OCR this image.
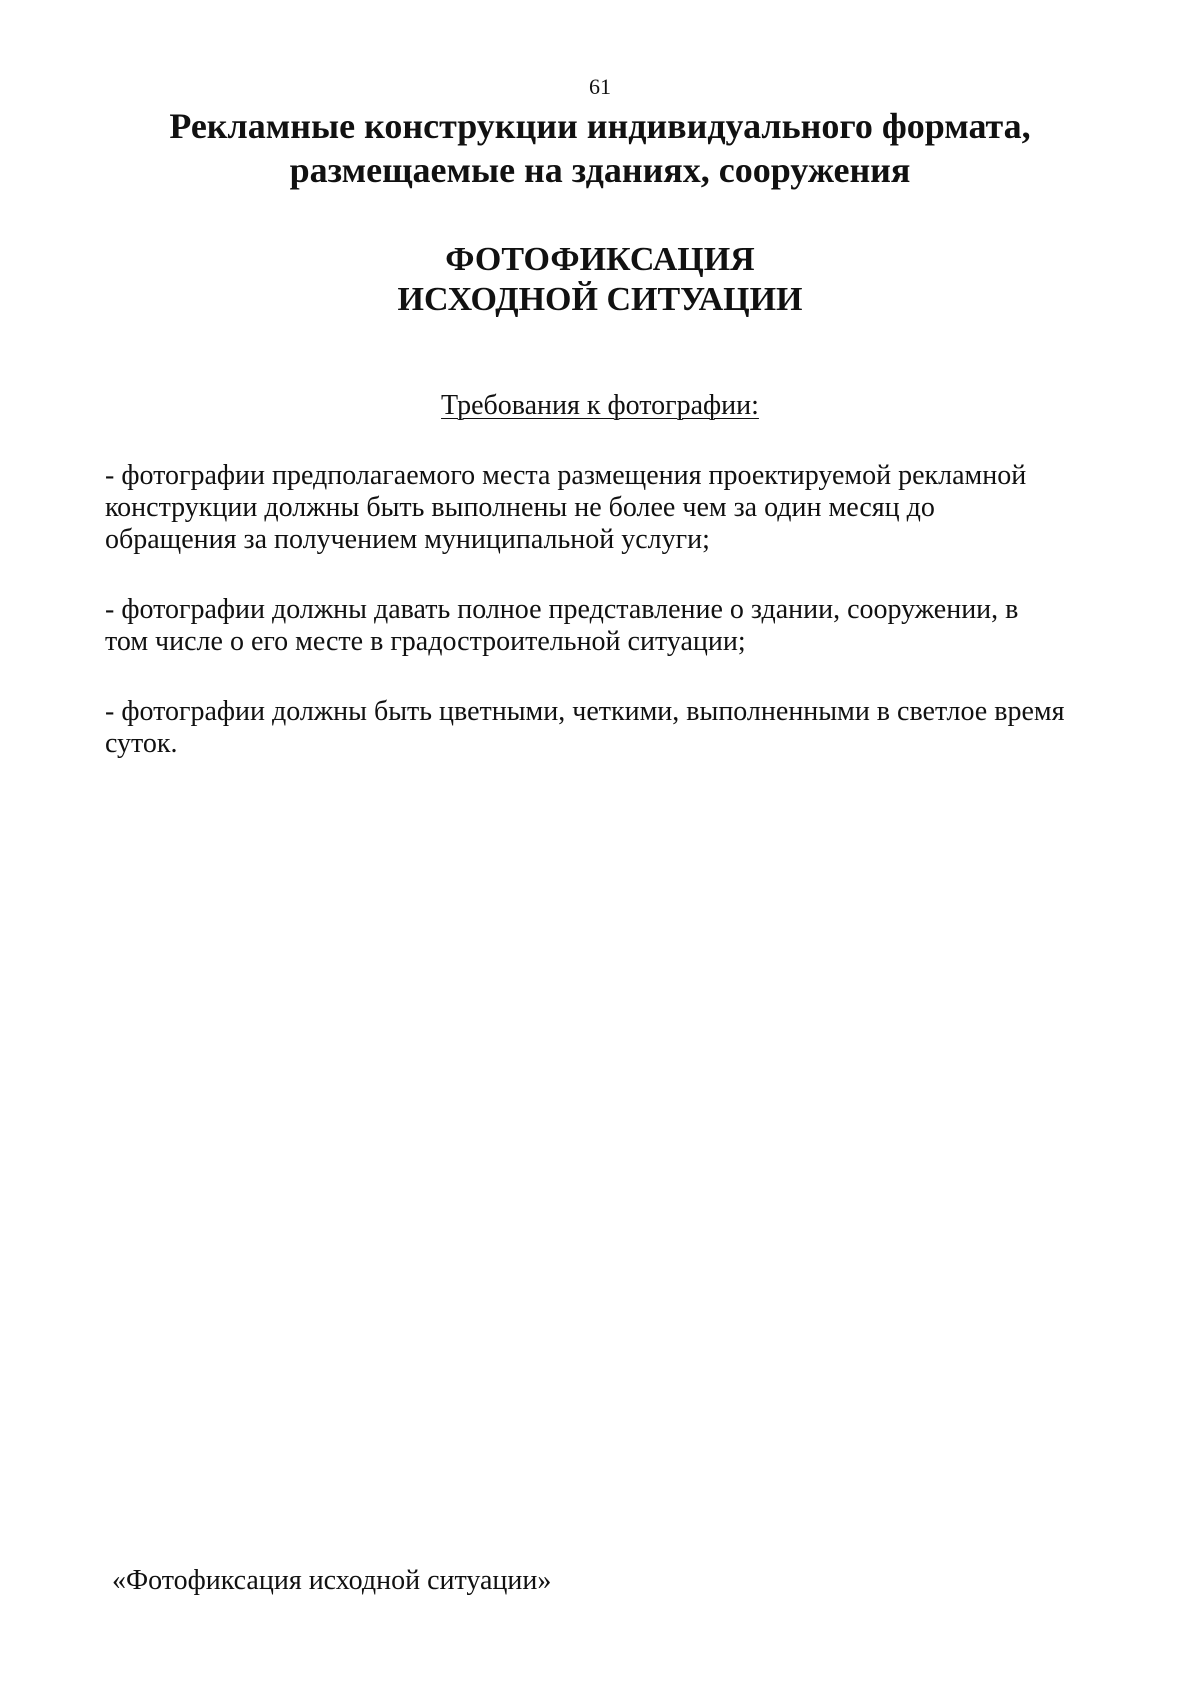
61
Рекламные конструкции индивидуального формата,
размещаемые на зданиях, сооружения
ФОТОФИКСАЦИЯ
ИСХОДНОЙ СИТУАЦИИ
Требования к фотографии:
- фотографии предполагаемого места размещения проектируемой рекламной конструкции должны быть выполнены не более чем за один месяц до обращения за получением муниципальной услуги;
- фотографии должны давать полное представление о здании, сооружении, в том числе о его месте в градостроительной ситуации;
- фотографии должны быть цветными, четкими, выполненными в светлое время суток.
«Фотофиксация исходной ситуации»
